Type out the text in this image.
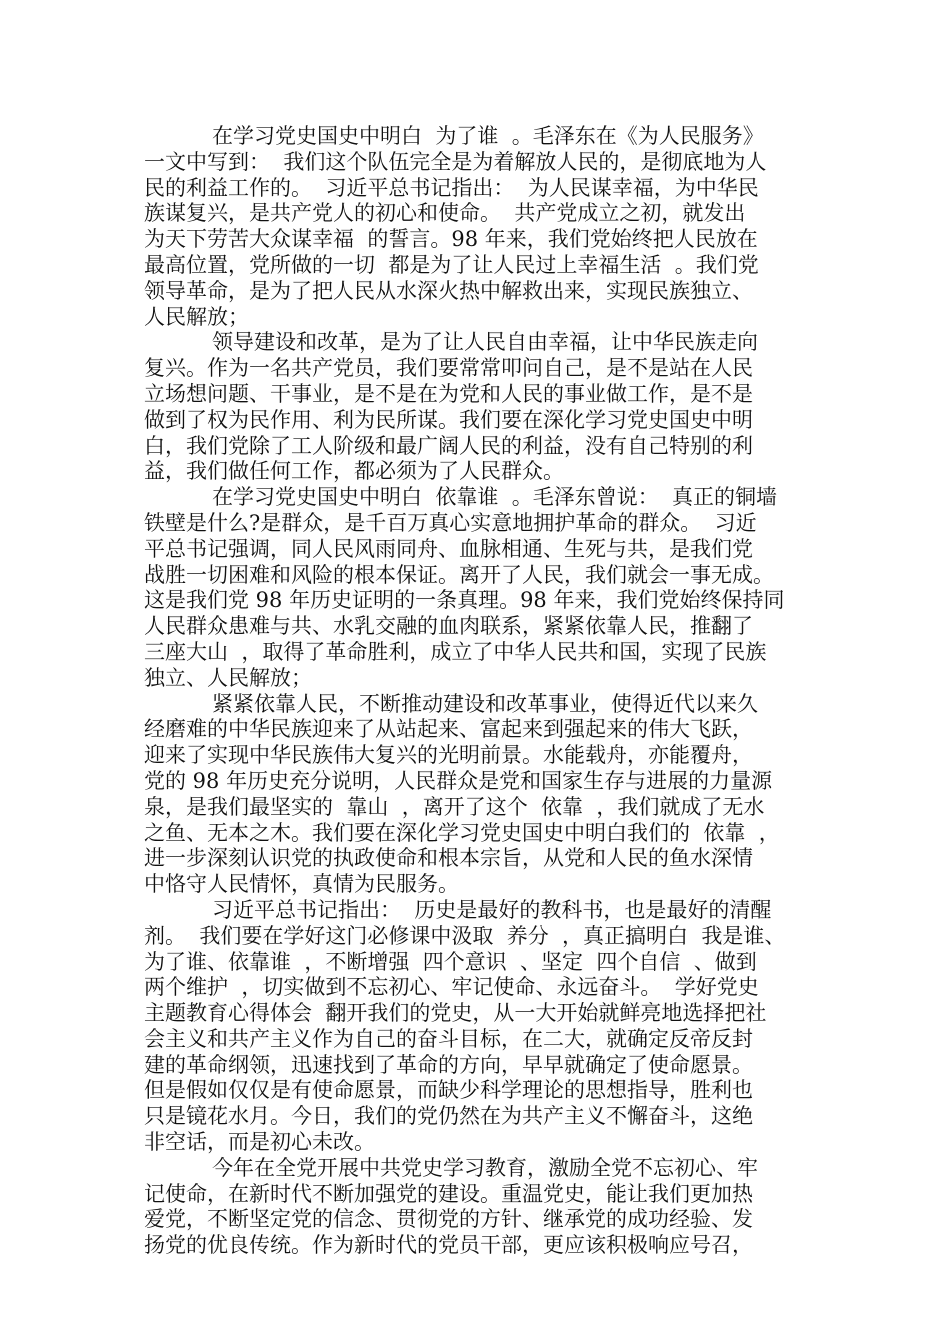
在学习党史国史中明白  为了谁  。毛泽东在《为人民服务》
一文中写到：  我们这个队伍完全是为着解放人民的，是彻底地为人
民的利益工作的。  习近平总书记指出：  为人民谋幸福，为中华民
族谋复兴，是共产党人的初心和使命。  共产党成立之初，就发出
为天下劳苦大众谋幸福  的誓言。98 年来，我们党始终把人民放在
最高位置，党所做的一切  都是为了让人民过上幸福生活  。我们党
领导革命，是为了把人民从水深火热中解救出来，实现民族独立、
人民解放；
领导建设和改革，是为了让人民自由幸福，让中华民族走向
复兴。作为一名共产党员，我们要常常叩问自己，是不是站在人民
立场想问题、干事业，是不是在为党和人民的事业做工作，是不是
做到了权为民作用、利为民所谋。我们要在深化学习党史国史中明
白，我们党除了工人阶级和最广阔人民的利益，没有自己特别的利
益，我们做任何工作，都必须为了人民群众。
在学习党史国史中明白  依靠谁  。毛泽东曾说：  真正的铜墙
铁壁是什么?是群众，是千百万真心实意地拥护革命的群众。  习近
平总书记强调，同人民风雨同舟、血脉相通、生死与共，是我们党
战胜一切困难和风险的根本保证。离开了人民，我们就会一事无成。
这是我们党 98 年历史证明的一条真理。98 年来，我们党始终保持同
人民群众患难与共、水乳交融的血肉联系，紧紧依靠人民，推翻了
三座大山  ，取得了革命胜利，成立了中华人民共和国，实现了民族
独立、人民解放；
紧紧依靠人民，不断推动建设和改革事业，使得近代以来久
经磨难的中华民族迎来了从站起来、富起来到强起来的伟大飞跃，
迎来了实现中华民族伟大复兴的光明前景。水能载舟，亦能覆舟，
党的 98 年历史充分说明，人民群众是党和国家生存与进展的力量源
泉，是我们最坚实的  靠山  ，离开了这个  依靠  ，我们就成了无水
之鱼、无本之木。我们要在深化学习党史国史中明白我们的  依靠  ，
进一步深刻认识党的执政使命和根本宗旨，从党和人民的鱼水深情
中恪守人民情怀，真情为民服务。
习近平总书记指出：  历史是最好的教科书，也是最好的清醒
剂。  我们要在学好这门必修课中汲取  养分  ，真正搞明白  我是谁、
为了谁、依靠谁  ，不断增强  四个意识  、坚定  四个自信  、做到
两个维护  ，切实做到不忘初心、牢记使命、永远奋斗。  学好党史
主题教育心得体会  翻开我们的党史，从一大开始就鲜亮地选择把社
会主义和共产主义作为自己的奋斗目标，在二大，就确定反帝反封
建的革命纲领，迅速找到了革命的方向，早早就确定了使命愿景。
但是假如仅仅是有使命愿景，而缺少科学理论的思想指导，胜利也
只是镜花水月。今日，我们的党仍然在为共产主义不懈奋斗，这绝
非空话，而是初心未改。
今年在全党开展中共党史学习教育，激励全党不忘初心、牢
记使命，在新时代不断加强党的建设。重温党史，能让我们更加热
爱党，不断坚定党的信念、贯彻党的方针、继承党的成功经验、发
扬党的优良传统。作为新时代的党员干部，更应该积极响应号召，
